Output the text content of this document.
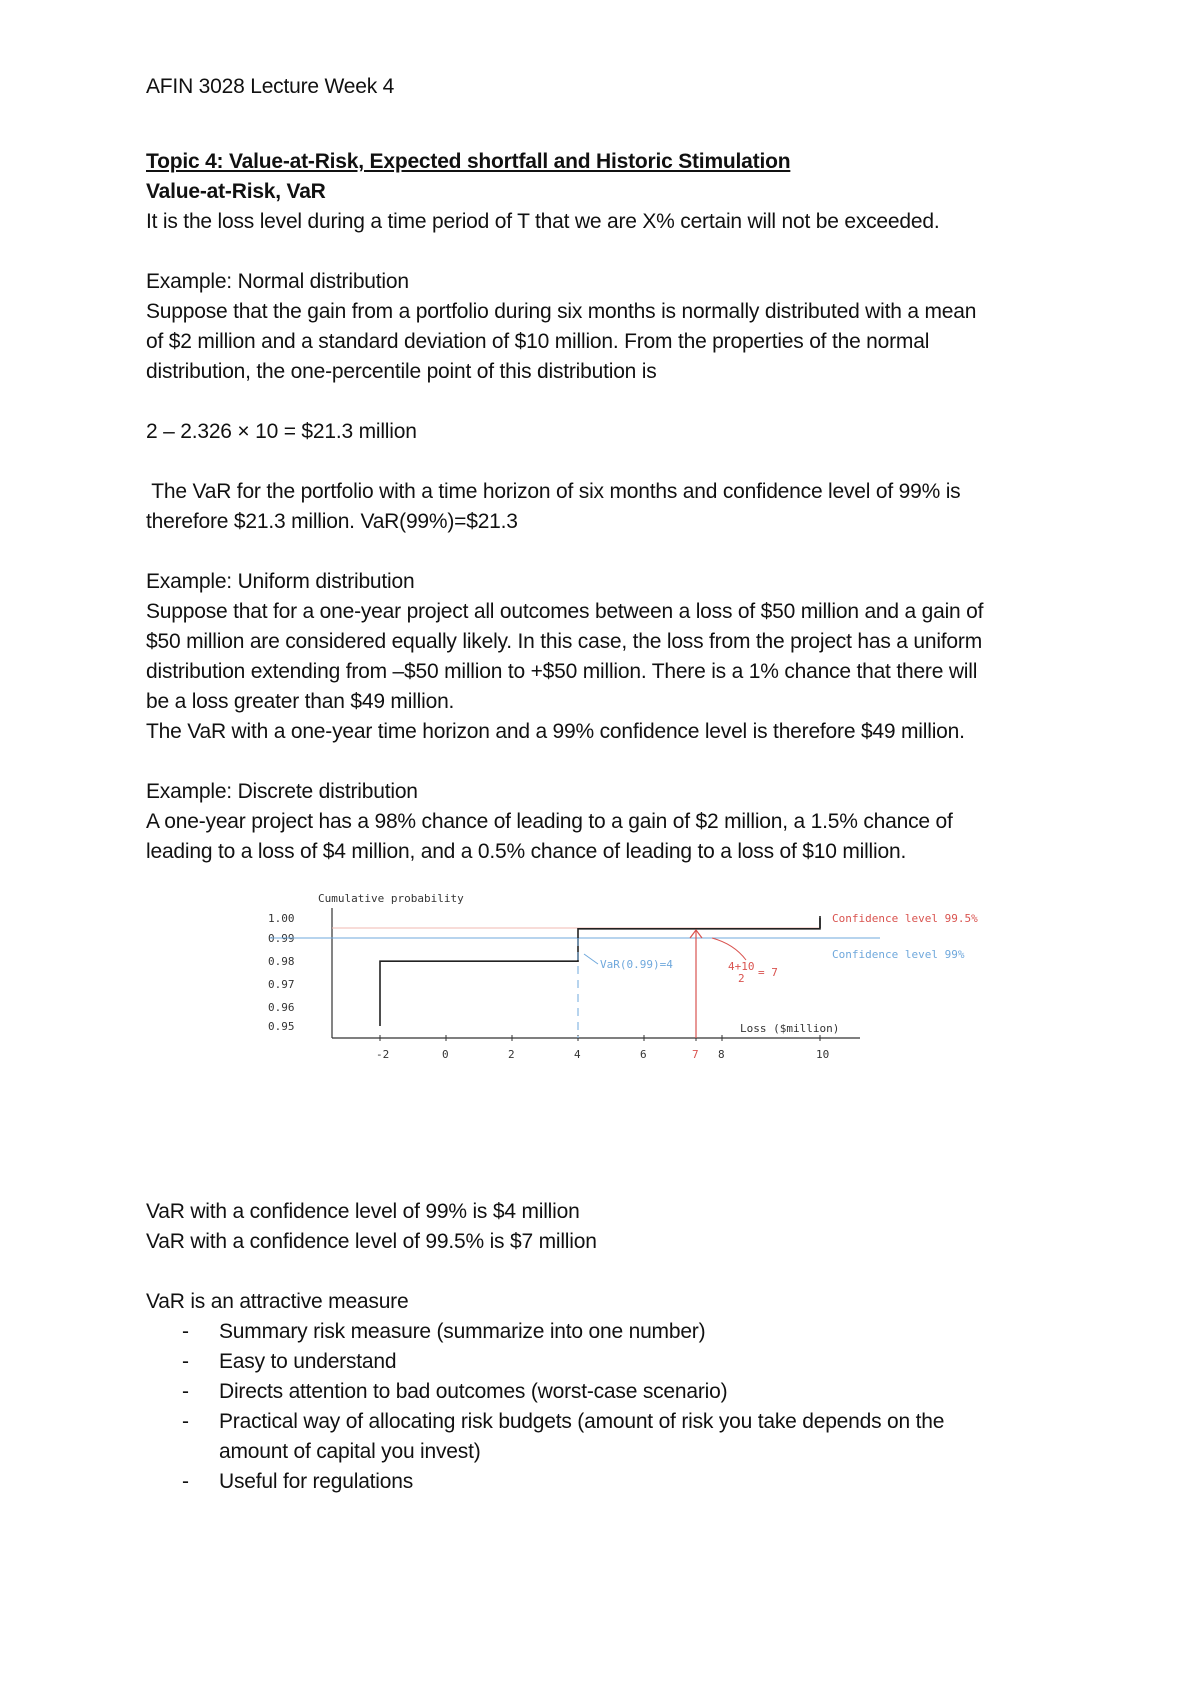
AFIN 3028 Lecture Week 4
Topic 4: Value-at-Risk, Expected shortfall and Historic Stimulation
Value-at-Risk, VaR
It is the loss level during a time period of T that we are X% certain will not be exceeded.
Example: Normal distribution
Suppose that the gain from a portfolio during six months is normally distributed with a mean
of $2 million and a standard deviation of $10 million. From the properties of the normal
distribution, the one-percentile point of this distribution is
2 – 2.326 × 10 = $21.3 million
The VaR for the portfolio with a time horizon of six months and confidence level of 99% is
therefore $21.3 million. VaR(99%)=$21.3
Example: Uniform distribution
Suppose that for a one-year project all outcomes between a loss of $50 million and a gain of
$50 million are considered equally likely. In this case, the loss from the project has a uniform
distribution extending from –$50 million to +$50 million. There is a 1% chance that there will
be a loss greater than $49 million.
The VaR with a one-year time horizon and a 99% confidence level is therefore $49 million.
Example: Discrete distribution
A one-year project has a 98% chance of leading to a gain of $2 million, a 1.5% chance of
leading to a loss of $4 million, and a 0.5% chance of leading to a loss of $10 million.
Cumulative probability
1.00
0.99
0.98
0.97
0.96
0.95
-2	0	2	4	6	7 8	10
VaR(0.99)=4	4+10
2 = 7
Confidence level 99.5%
Confidence level 99%
Loss ($million)
VaR with a confidence level of 99% is $4 million
VaR with a confidence level of 99.5% is $7 million
VaR is an attractive measure
- Summary risk measure (summarize into one number)
- Easy to understand
- Directs attention to bad outcomes (worst-case scenario)
- Practical way of allocating risk budgets (amount of risk you take depends on the
amount of capital you invest)
- Useful for regulations
